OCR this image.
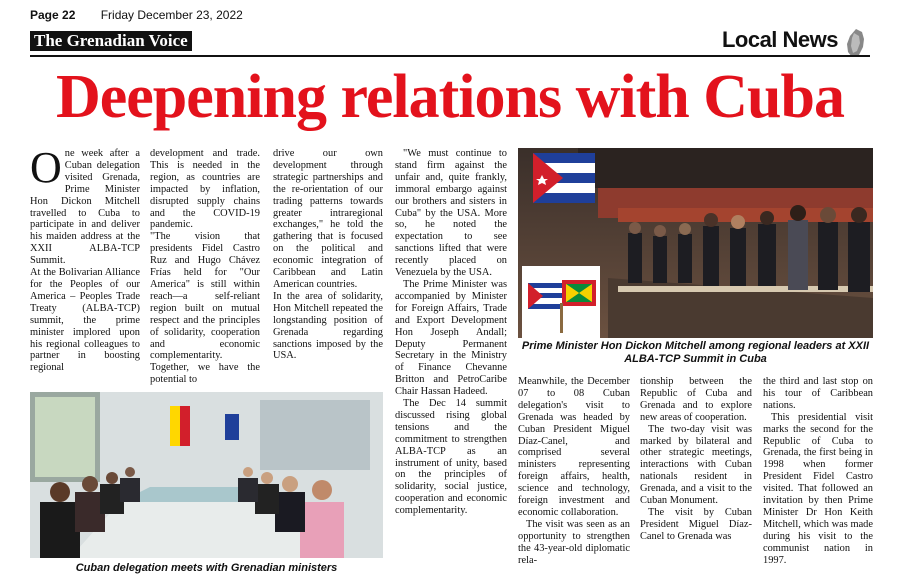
Page 22 Friday December 23, 2022
The Grenadian Voice	Local News
Deepening relations with Cuba

One week after a Cuban delegation visited Grenada, Prime Minister Hon Dickon Mitchell travelled to Cuba to participate in and deliver his maiden address at the XXII ALBA-TCP Summit.

At the Bolivarian Alliance for the Peoples of our America – Peoples Trade Treaty (ALBA-TCP) summit, the prime minister implored upon his regional colleagues to partner in boosting regional

development and trade. This is needed in the region, as countries are impacted by inflation, disrupted supply chains and the COVID-19 pandemic.

"The vision that presidents Fidel Castro Ruz and Hugo Chávez Frías held for "Our America" is still within reach—a self-reliant region built on mutual respect and the principles of solidarity, cooperation and economic complementarity. Together, we have the potential to

drive our own development through strategic partnerships and the re-orientation of our trading patterns towards greater intraregional exchanges," he told the gathering that is focused on the political and economic integration of Caribbean and Latin American countries.

In the area of solidarity, Hon Mitchell repeated the longstanding position of Grenada regarding sanctions imposed by the USA.

"We must continue to stand firm against the unfair and, quite frankly, immoral embargo against our brothers and sisters in Cuba" by the USA. More so, he noted the expectation to see sanctions lifted that were recently placed on Venezuela by the USA.

The Prime Minister was accompanied by Minister for Foreign Affairs, Trade and Export Development Hon Joseph Andall; Deputy Permanent Secretary in the Ministry of Finance Chevanne Britton and PetroCaribe Chair Hassan Hadeed.

The Dec 14 summit discussed rising global tensions and the commitment to strengthen ALBA-TCP as an instrument of unity, based on the principles of solidarity, social justice, cooperation and economic complementarity.

Prime Minister Hon Dickon Mitchell among regional leaders at XXII ALBA-TCP Summit in Cuba
Cuban delegation meets with Grenadian ministers

Meanwhile, the December 07 to 08 Cuban delegation's visit to Grenada was headed by Cuban President Miguel Díaz-Canel, and comprised several ministers representing foreign affairs, health, science and technology, foreign investment and economic collaboration.

The visit was seen as an opportunity to strengthen the 43-year-old diplomatic rela-

tionship between the Republic of Cuba and Grenada and to explore new areas of cooperation.

The two-day visit was marked by bilateral and other strategic meetings, interactions with Cuban nationals resident in Grenada, and a visit to the Cuban Monument.

The visit by Cuban President Miguel Díaz-Canel to Grenada was

the third and last stop on his tour of Caribbean nations.

This presidential visit marks the second for the Republic of Cuba to Grenada, the first being in 1998 when former President Fidel Castro visited. That followed an invitation by then Prime Minister Dr Hon Keith Mitchell, which was made during his visit to the communist nation in 1997.
